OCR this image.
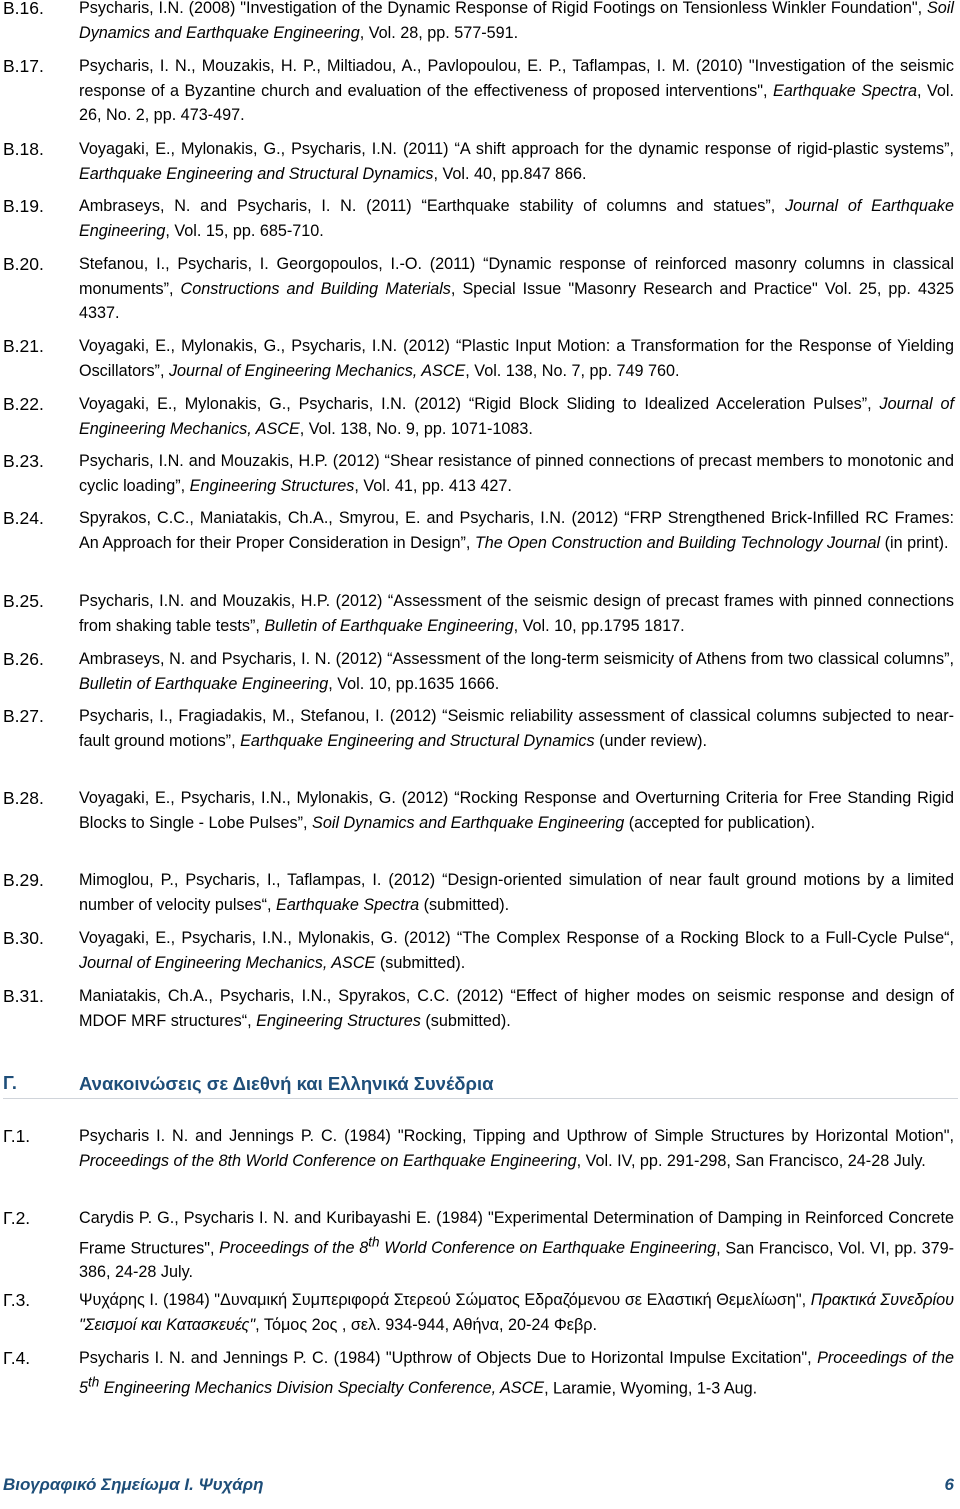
B.16. Psycharis, I.N. (2008) "Investigation of the Dynamic Response of Rigid Footings on Tensionless Winkler Foundation", Soil Dynamics and Earthquake Engineering, Vol. 28, pp. 577-591.
B.17. Psycharis, I. N., Mouzakis, H. P., Miltiadou, A., Pavlopoulou, E. P., Taflampas, I. M. (2010) "Investigation of the seismic response of a Byzantine church and evaluation of the effectiveness of proposed interventions", Earthquake Spectra, Vol. 26, No. 2, pp. 473-497.
B.18. Voyagaki, E., Mylonakis, G., Psycharis, I.N. (2011) “A shift approach for the dynamic response of rigid-plastic systems”, Earthquake Engineering and Structural Dynamics, Vol. 40, pp.847 866.
B.19. Ambraseys, N. and Psycharis, I. N. (2011) “Earthquake stability of columns and statues”, Journal of Earthquake Engineering, Vol. 15, pp. 685-710.
B.20. Stefanou, I., Psycharis, I. Georgopoulos, I.-O. (2011) “Dynamic response of reinforced masonry columns in classical monuments”, Constructions and Building Materials, Special Issue "Masonry Research and Practice" Vol. 25, pp. 4325 4337.
B.21. Voyagaki, E., Mylonakis, G., Psycharis, I.N. (2012) “Plastic Input Motion: a Transformation for the Response of Yielding Oscillators”, Journal of Engineering Mechanics, ASCE, Vol. 138, No. 7, pp. 749 760.
B.22. Voyagaki, E., Mylonakis, G., Psycharis, I.N. (2012) “Rigid Block Sliding to Idealized Acceleration Pulses”, Journal of Engineering Mechanics, ASCE, Vol. 138, No. 9, pp. 1071-1083.
B.23. Psycharis, I.N. and Mouzakis, H.P. (2012) “Shear resistance of pinned connections of precast members to monotonic and cyclic loading”, Engineering Structures, Vol. 41, pp. 413 427.
B.24. Spyrakos, C.C., Maniatakis, Ch.A., Smyrou, E. and Psycharis, I.N. (2012) “FRP Strengthened Brick-Infilled RC Frames: An Approach for their Proper Consideration in Design”, The Open Construction and Building Technology Journal (in print).
B.25. Psycharis, I.N. and Mouzakis, H.P. (2012) “Assessment of the seismic design of precast frames with pinned connections from shaking table tests”, Bulletin of Earthquake Engineering, Vol. 10, pp.1795 1817.
B.26. Ambraseys, N. and Psycharis, I. N. (2012) “Assessment of the long-term seismicity of Athens from two classical columns”, Bulletin of Earthquake Engineering, Vol. 10, pp.1635 1666.
B.27. Psycharis, I., Fragiadakis, M., Stefanou, I. (2012) “Seismic reliability assessment of classical columns subjected to near-fault ground motions”, Earthquake Engineering and Structural Dynamics (under review).
B.28. Voyagaki, E., Psycharis, I.N., Mylonakis, G. (2012) “Rocking Response and Overturning Criteria for Free Standing Rigid Blocks to Single - Lobe Pulses”, Soil Dynamics and Earthquake Engineering (accepted for publication).
B.29. Mimoglou, P., Psycharis, I., Taflampas, I. (2012) “Design-oriented simulation of near fault ground motions by a limited number of velocity pulses“, Earthquake Spectra (submitted).
B.30. Voyagaki, E., Psycharis, I.N., Mylonakis, G. (2012) “The Complex Response of a Rocking Block to a Full-Cycle Pulse“, Journal of Engineering Mechanics, ASCE (submitted).
B.31. Maniatakis, Ch.A., Psycharis, I.N., Spyrakos, C.C. (2012) “Effect of higher modes on seismic response and design of MDOF MRF structures“, Engineering Structures (submitted).
Γ.	Ανακοινώσεις σε Διεθνή και Ελληνικά Συνέδρια
Γ.1.	Psycharis I. N. and Jennings P. C. (1984) "Rocking, Tipping and Upthrow of Simple Structures by Horizontal Motion", Proceedings of the 8th World Conference on Earthquake Engineering, Vol. IV, pp. 291-298, San Francisco, 24-28 July.
Γ.2.	Carydis P. G., Psycharis I. N. and Kuribayashi E. (1984) "Experimental Determination of Damping in Reinforced Concrete Frame Structures", Proceedings of the 8th World Conference on Earthquake Engineering, San Francisco, Vol. VI, pp. 379-386, 24-28 July.
Γ.3.	Ψυχάρης Ι. (1984) "Δυναμική Συμπεριφορά Στερεού Σώματος Εδραζόμενου σε Ελαστική Θεμελίωση", Πρακτικά Συνεδρίου "Σεισμοί και Κατασκευές", Τόμος 2ος , σελ. 934-944, Αθήνα, 20-24 Φεβρ.
Γ.4.	Psycharis I. N. and Jennings P. C. (1984) "Upthrow of Objects Due to Horizontal Impulse Excitation", Proceedings of the 5th Engineering Mechanics Division Specialty Conference, ASCE, Laramie, Wyoming, 1-3 Aug.
Βιογραφικό Σημείωμα Ι. Ψυχάρη	6
